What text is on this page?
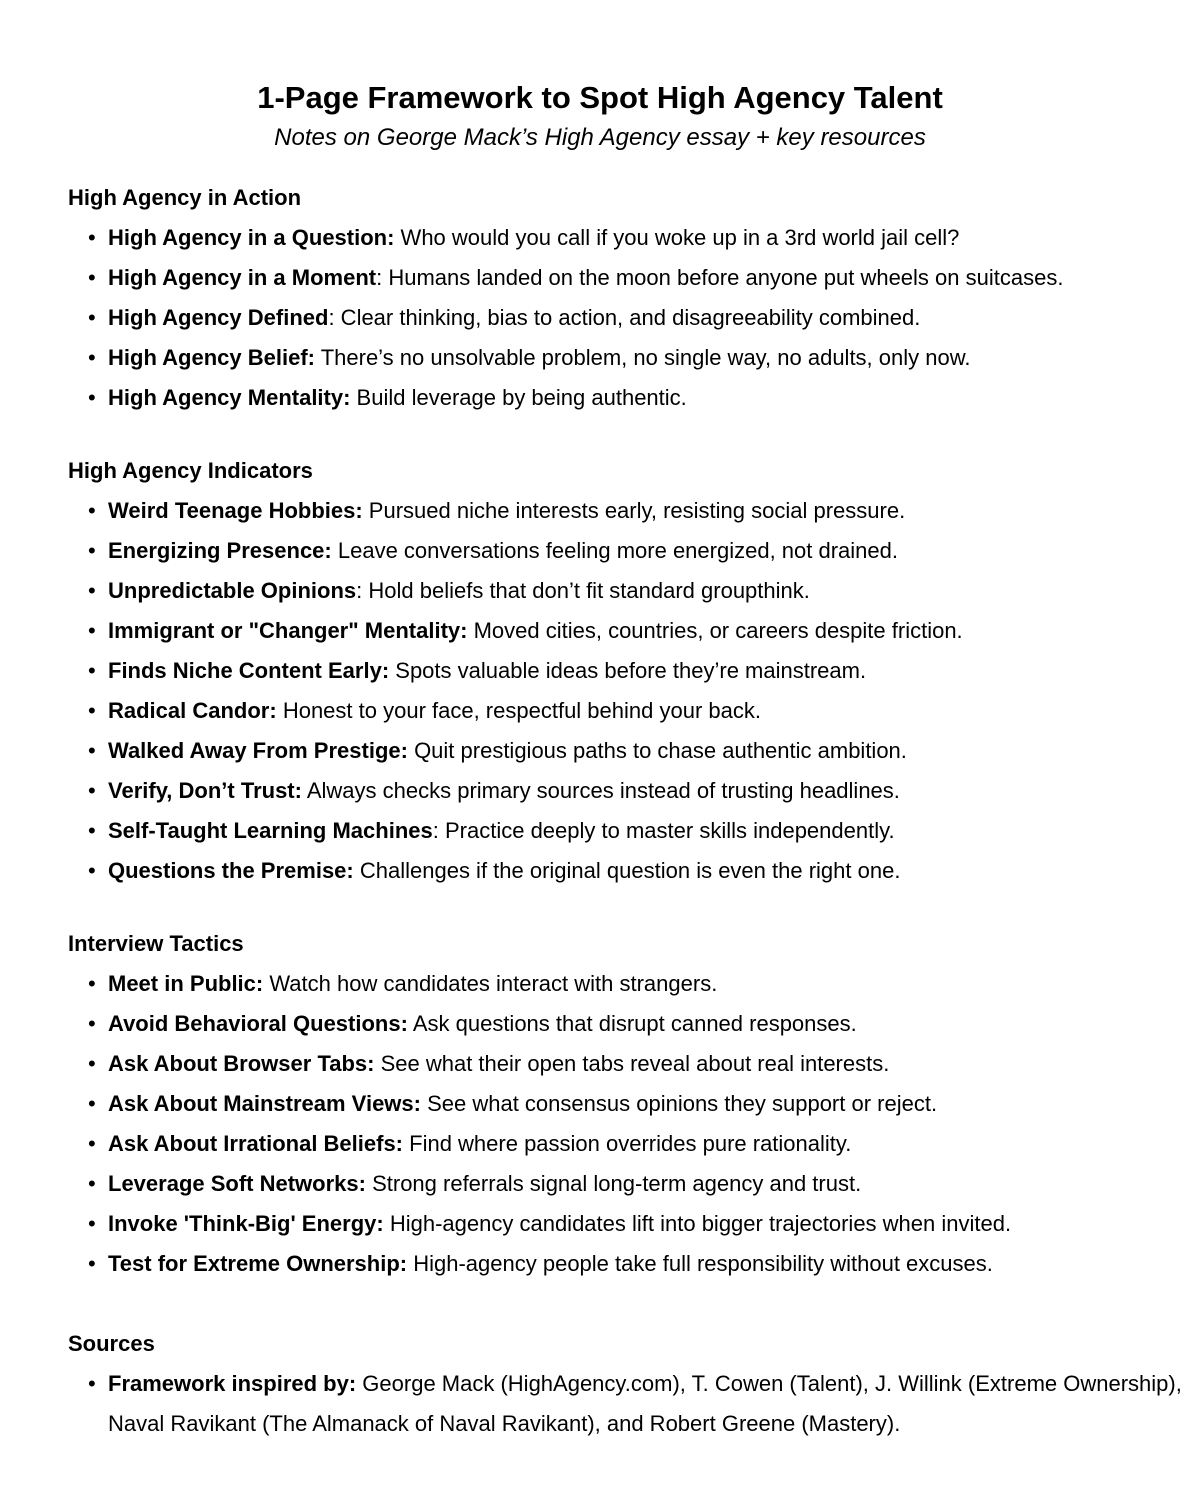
1-Page Framework to Spot High Agency Talent
Notes on George Mack’s High Agency essay + key resources
High Agency in Action
• High Agency in a Question: Who would you call if you woke up in a 3rd world jail cell?
• High Agency in a Moment: Humans landed on the moon before anyone put wheels on suitcases.
• High Agency Defined: Clear thinking, bias to action, and disagreeability combined.
• High Agency Belief: There’s no unsolvable problem, no single way, no adults, only now.
• High Agency Mentality: Build leverage by being authentic.
High Agency Indicators
• Weird Teenage Hobbies: Pursued niche interests early, resisting social pressure.
• Energizing Presence: Leave conversations feeling more energized, not drained.
• Unpredictable Opinions: Hold beliefs that don’t fit standard groupthink.
• Immigrant or "Changer" Mentality: Moved cities, countries, or careers despite friction.
• Finds Niche Content Early: Spots valuable ideas before they’re mainstream.
• Radical Candor: Honest to your face, respectful behind your back.
• Walked Away From Prestige: Quit prestigious paths to chase authentic ambition.
• Verify, Don’t Trust: Always checks primary sources instead of trusting headlines.
• Self-Taught Learning Machines: Practice deeply to master skills independently.
• Questions the Premise: Challenges if the original question is even the right one.
Interview Tactics
• Meet in Public: Watch how candidates interact with strangers.
• Avoid Behavioral Questions: Ask questions that disrupt canned responses.
• Ask About Browser Tabs: See what their open tabs reveal about real interests.
• Ask About Mainstream Views: See what consensus opinions they support or reject.
• Ask About Irrational Beliefs: Find where passion overrides pure rationality.
• Leverage Soft Networks: Strong referrals signal long-term agency and trust.
• Invoke 'Think-Big' Energy: High-agency candidates lift into bigger trajectories when invited.
• Test for Extreme Ownership: High-agency people take full responsibility without excuses.
Sources
• Framework inspired by: George Mack (HighAgency.com), T. Cowen (Talent), J. Willink (Extreme Ownership), Naval Ravikant (The Almanack of Naval Ravikant), and Robert Greene (Mastery).
